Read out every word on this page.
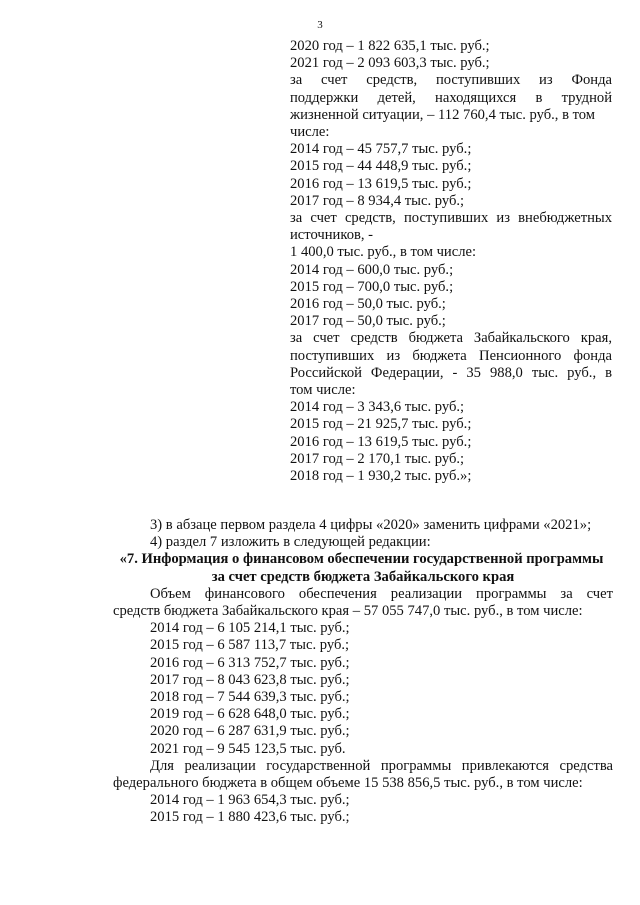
3
2020 год – 1 822 635,1 тыс. руб.;
2021 год – 2 093 603,3 тыс. руб.;
за счет средств, поступивших из Фонда
поддержки детей, находящихся в трудной
жизненной ситуации, – 112 760,4 тыс. руб., в том
числе:
2014 год – 45 757,7 тыс. руб.;
2015 год – 44 448,9 тыс. руб.;
2016 год – 13 619,5 тыс. руб.;
2017 год – 8 934,4 тыс. руб.;
за счет средств, поступивших из внебюджетных
источников, -
1 400,0 тыс. руб., в том числе:
2014 год – 600,0 тыс. руб.;
2015 год – 700,0 тыс. руб.;
2016 год – 50,0 тыс. руб.;
2017 год – 50,0 тыс. руб.;
за счет средств бюджета Забайкальского края,
поступивших из бюджета Пенсионного фонда
Российской Федерации, - 35 988,0 тыс. руб., в
том числе:
2014 год – 3 343,6 тыс. руб.;
2015 год – 21 925,7 тыс. руб.;
2016 год – 13 619,5 тыс. руб.;
2017 год – 2 170,1 тыс. руб.;
2018 год – 1 930,2 тыс. руб.»;
3) в абзаце первом раздела 4 цифры «2020» заменить цифрами «2021»;
4) раздел 7 изложить в следующей редакции:
«7. Информация о финансовом обеспечении государственной программы
за счет средств бюджета Забайкальского края
Объем финансового обеспечения реализации программы за счет
средств бюджета Забайкальского края – 57 055 747,0 тыс. руб., в том числе:
2014 год – 6 105 214,1 тыс. руб.;
2015 год – 6 587 113,7 тыс. руб.;
2016 год – 6 313 752,7 тыс. руб.;
2017 год – 8 043 623,8 тыс. руб.;
2018 год – 7 544 639,3 тыс. руб.;
2019 год – 6 628 648,0 тыс. руб.;
2020 год – 6 287 631,9 тыс. руб.;
2021 год – 9 545 123,5 тыс. руб.
Для реализации государственной программы привлекаются средства
федерального бюджета в общем объеме 15 538 856,5 тыс. руб., в том числе:
2014 год – 1 963 654,3 тыс. руб.;
2015 год – 1 880 423,6 тыс. руб.;
